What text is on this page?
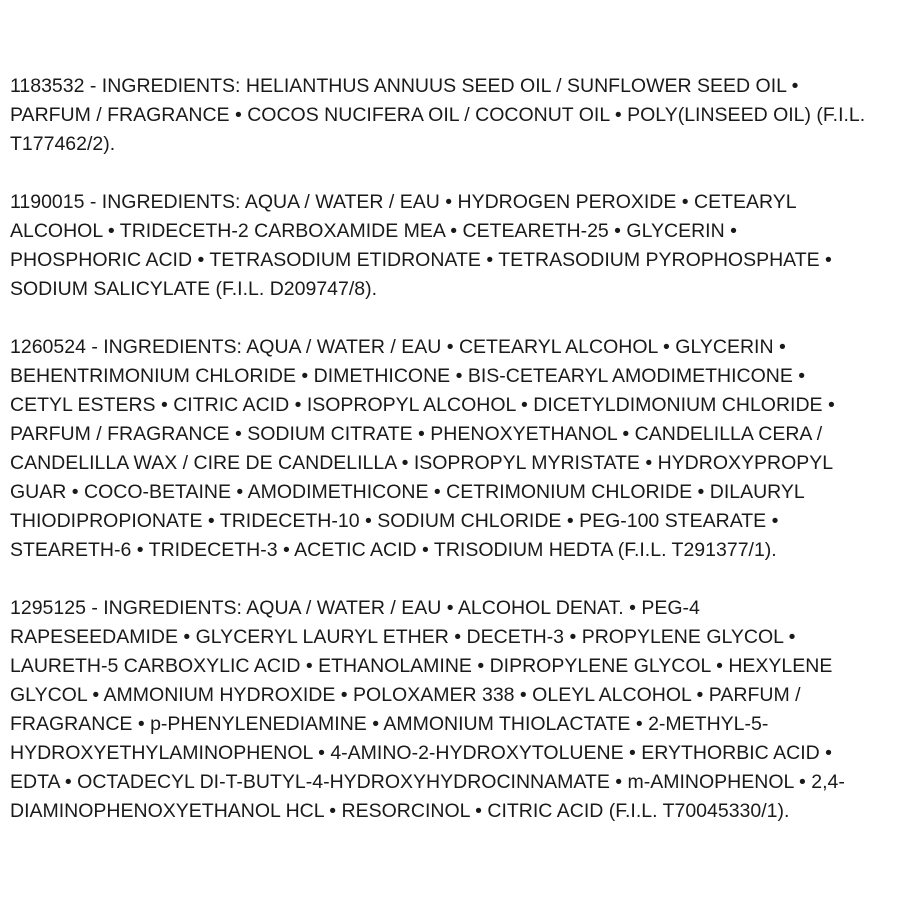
1183532 - INGREDIENTS: HELIANTHUS ANNUUS SEED OIL / SUNFLOWER SEED OIL •
PARFUM / FRAGRANCE • COCOS NUCIFERA OIL / COCONUT OIL • POLY(LINSEED OIL) (F.I.L.
T177462/2).

1190015 - INGREDIENTS: AQUA / WATER / EAU • HYDROGEN PEROXIDE • CETEARYL
ALCOHOL • TRIDECETH-2 CARBOXAMIDE MEA • CETEARETH-25 • GLYCERIN •
PHOSPHORIC ACID • TETRASODIUM ETIDRONATE • TETRASODIUM PYROPHOSPHATE •
SODIUM SALICYLATE (F.I.L. D209747/8).

1260524 - INGREDIENTS: AQUA / WATER / EAU • CETEARYL ALCOHOL • GLYCERIN •
BEHENTRIMONIUM CHLORIDE • DIMETHICONE • BIS-CETEARYL AMODIMETHICONE •
CETYL ESTERS • CITRIC ACID • ISOPROPYL ALCOHOL • DICETYLDIMONIUM CHLORIDE •
PARFUM / FRAGRANCE • SODIUM CITRATE • PHENOXYETHANOL • CANDELILLA CERA /
CANDELILLA WAX / CIRE DE CANDELILLA • ISOPROPYL MYRISTATE • HYDROXYPROPYL
GUAR • COCO-BETAINE • AMODIMETHICONE • CETRIMONIUM CHLORIDE • DILAURYL
THIODIPROPIONATE • TRIDECETH-10 • SODIUM CHLORIDE • PEG-100 STEARATE •
STEARETH-6 • TRIDECETH-3 • ACETIC ACID • TRISODIUM HEDTA (F.I.L. T291377/1).

1295125 - INGREDIENTS: AQUA / WATER / EAU • ALCOHOL DENAT. • PEG-4
RAPESEEDAMIDE • GLYCERYL LAURYL ETHER • DECETH-3 • PROPYLENE GLYCOL •
LAURETH-5 CARBOXYLIC ACID • ETHANOLAMINE • DIPROPYLENE GLYCOL • HEXYLENE
GLYCOL • AMMONIUM HYDROXIDE • POLOXAMER 338 • OLEYL ALCOHOL • PARFUM /
FRAGRANCE • p-PHENYLENEDIAMINE • AMMONIUM THIOLACTATE • 2-METHYL-5-
HYDROXYETHYLAMINOPHENOL • 4-AMINO-2-HYDROXYTOLUENE • ERYTHORBIC ACID •
EDTA • OCTADECYL DI-T-BUTYL-4-HYDROXYHYDROCINNAMATE • m-AMINOPHENOL • 2,4-
DIAMINOPHENOXYETHANOL HCL • RESORCINOL • CITRIC ACID (F.I.L. T70045330/1).
